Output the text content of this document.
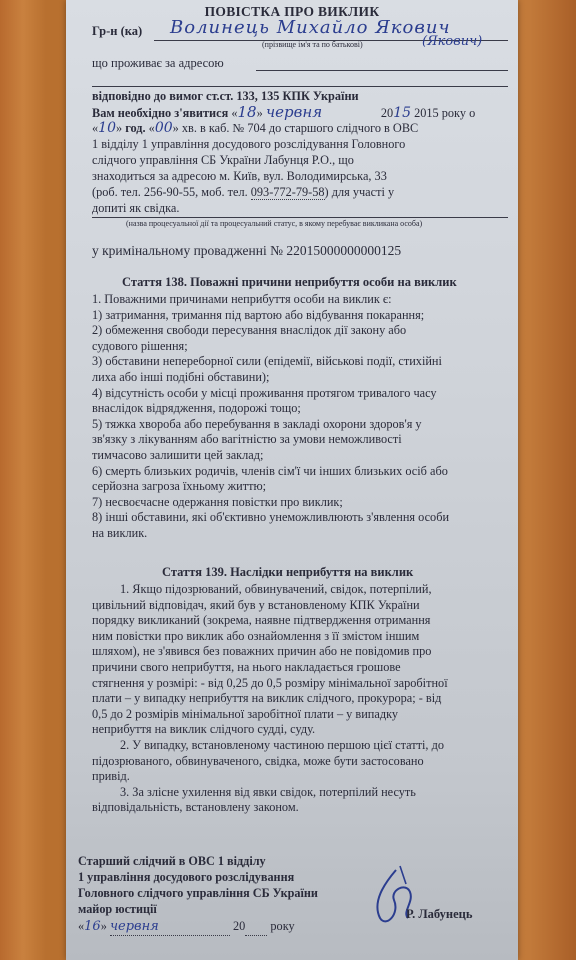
ПОВІСТКА ПРО ВИКЛИК
Гр-н (ка) Волинець Михайло Якович
(Якович)
(прізвище ім'я та по батькові)
що проживає за адресою
відповідно до вимог ст.ст. 133, 135 КПК України
Вам необхідно з'явитися «18» червня	2015 2015 року о
«10» год. «00» хв. в каб. № 704 до старшого слідчого в ОВС
1 відділу 1 управління досудового розслідування Головного
слідчого управління СБ України Лабунця Р.О., що
знаходиться за адресою м. Київ, вул. Володимирська, 33
(роб. тел. 256-90-55, моб. тел. 093-772-79-58) для участі у
допиті як свідка.
(назва процесуальної дії та процесуальний статус, в якому перебуває викликана особа)
у кримінальному провадженні № 22015000000000125
Стаття 138. Поважні причини неприбуття особи на виклик
1. Поважними причинами неприбуття особи на виклик є:
1) затримання, тримання під вартою або відбування покарання;
2) обмеження свободи пересування внаслідок дії закону або
судового рішення;
3) обставини непереборної сили (епідемії, військові події, стихійні
лиха або інші подібні обставини);
4) відсутність особи у місці проживання протягом тривалого часу
внаслідок відрядження, подорожі тощо;
5) тяжка хвороба або перебування в закладі охорони здоров'я у
зв'язку з лікуванням або вагітністю за умови неможливості
тимчасово залишити цей заклад;
6) смерть близьких родичів, членів сім'ї чи інших близьких осіб або
серйозна загроза їхньому життю;
7) несвоєчасне одержання повістки про виклик;
8) інші обставини, які об'єктивно унеможливлюють з'явлення особи
на виклик.
Стаття 139. Наслідки неприбуття на виклик
1. Якщо підозрюваний, обвинувачений, свідок, потерпілий,
цивільний відповідач, який був у встановленому КПК України
порядку викликаний (зокрема, наявне підтвердження отримання
ним повістки про виклик або ознайомлення з її змістом іншим
шляхом), не з'явився без поважних причин або не повідомив про
причини свого неприбуття, на нього накладається грошове
стягнення у розмірі: - від 0,25 до 0,5 розміру мінімальної заробітної
плати – у випадку неприбуття на виклик слідчого, прокурора; - від
0,5 до 2 розмірів мінімальної заробітної плати – у випадку
неприбуття на виклик слідчого судді, суду.
2. У випадку, встановленому частиною першою цієї статті, до
підозрюваного, обвинуваченого, свідка, може бути застосовано
привід.
3. За злісне ухилення від явки свідок, потерпілий несуть
відповідальність, встановлену законом.
Старший слідчий в ОВС 1 відділу
1 управління досудового розслідування
Головного слідчого управління СБ України
майор юстиції	Р. Лабунець
«16» червня	20 року
